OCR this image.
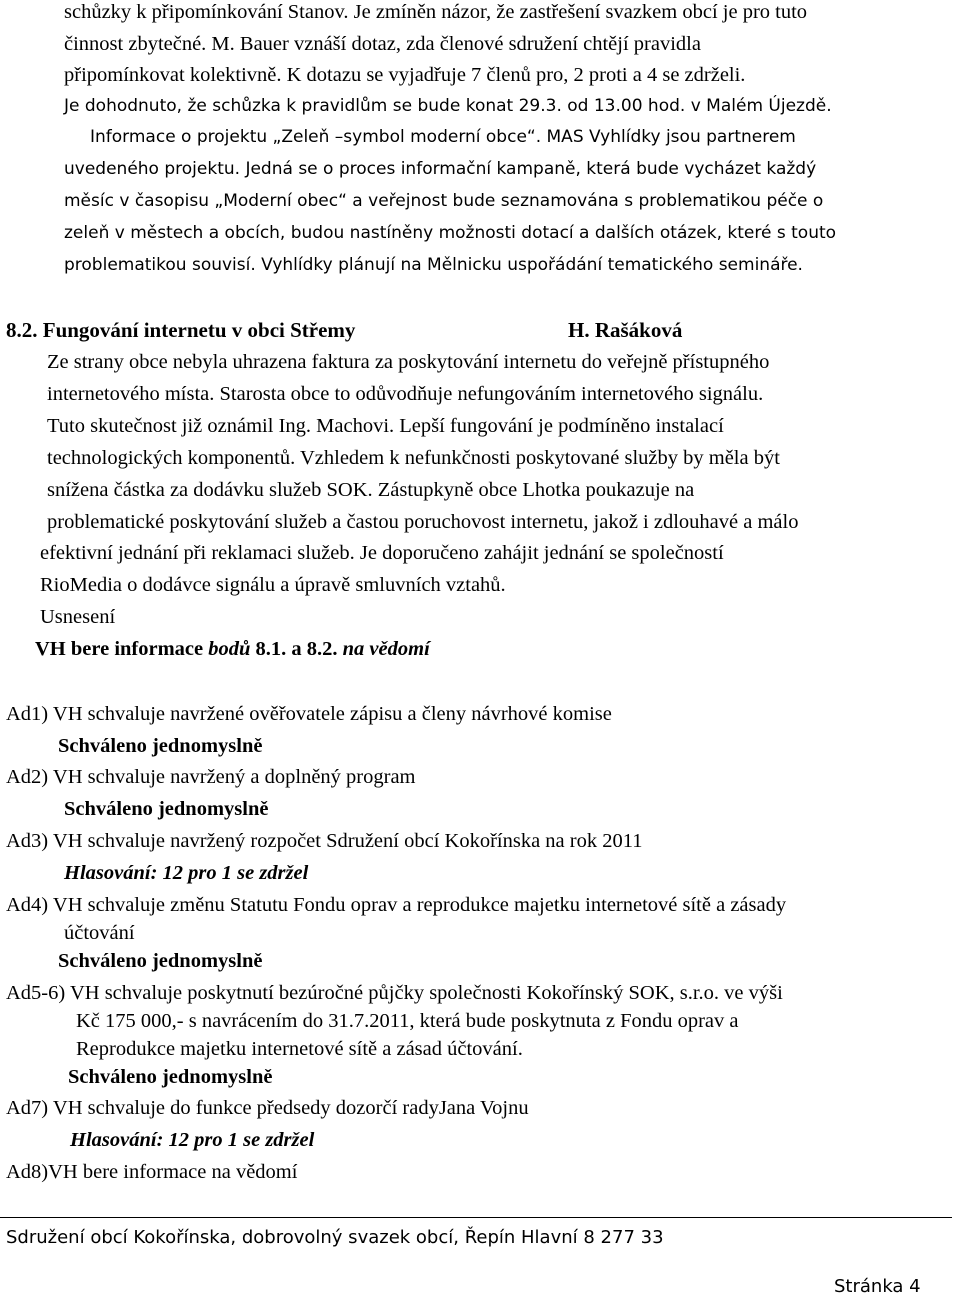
schůzky k připomínkování Stanov. Je zmíněn názor, že zastřešení svazkem obcí je pro tuto
činnost zbytečné. M. Bauer vznáší dotaz, zda členové sdružení chtějí pravidla
připomínkovat kolektivně. K dotazu se vyjadřuje 7 členů pro, 2 proti a 4 se zdrželi.
Je dohodnuto, že schůzka k pravidlům se bude konat 29.3. od 13.00 hod. v Malém Újezdě.
Informace o projektu „Zeleň –symbol moderní obce“. MAS Vyhlídky jsou partnerem
uvedeného projektu. Jedná se o proces informační kampaně, která bude vycházet každý
měsíc v časopisu „Moderní obec“ a veřejnost bude seznamována s problematikou péče o
zeleň v městech a obcích, budou nastíněny možnosti dotací a dalších otázek, které s touto
problematikou souvisí. Vyhlídky plánují na Mělnicku uspořádání tematického semináře.
8.2. Fungování internetu v obci Střemy	H. Rašáková
Ze strany obce nebyla uhrazena faktura za poskytování internetu do veřejně přístupného
internetového místa. Starosta obce to odůvodňuje nefungováním internetového signálu.
Tuto skutečnost již oznámil Ing. Machovi. Lepší fungování je podmíněno instalací
technologických komponentů. Vzhledem k nefunkčnosti poskytované služby by měla být
snížena částka za dodávku služeb SOK. Zástupkyně obce Lhotka poukazuje na
problematické poskytování služeb a častou poruchovost internetu, jakož i zdlouhavé a málo
efektivní jednání při reklamaci služeb. Je doporučeno zahájit jednání se společností
RioMedia o dodávce signálu a úpravě smluvních vztahů.
Usnesení
VH bere informace bodů 8.1. a 8.2. na vědomí
Ad1) VH schvaluje navržené ověřovatele zápisu a členy návrhové komise
Schváleno jednomyslně
Ad2) VH schvaluje navržený a doplněný program
Schváleno jednomyslně
Ad3) VH schvaluje navržený rozpočet Sdružení obcí Kokořínska na rok 2011
Hlasování: 12 pro 1 se zdržel
Ad4) VH schvaluje změnu Statutu Fondu oprav a reprodukce majetku internetové sítě a zásady
účtování
Schváleno jednomyslně
Ad5-6) VH schvaluje poskytnutí bezúročné půjčky společnosti Kokořínský SOK, s.r.o. ve výši
Kč 175 000,- s navrácením do 31.7.2011, která bude poskytnuta z Fondu oprav a
Reprodukce majetku internetové sítě a zásad účtování.
Schváleno jednomyslně
Ad7) VH schvaluje do funkce předsedy dozorčí radyJana Vojnu
Hlasování: 12 pro 1 se zdržel
Ad8)VH bere informace na vědomí
Sdružení obcí Kokořínska, dobrovolný svazek obcí, Řepín Hlavní 8 277 33
Stránka 4
